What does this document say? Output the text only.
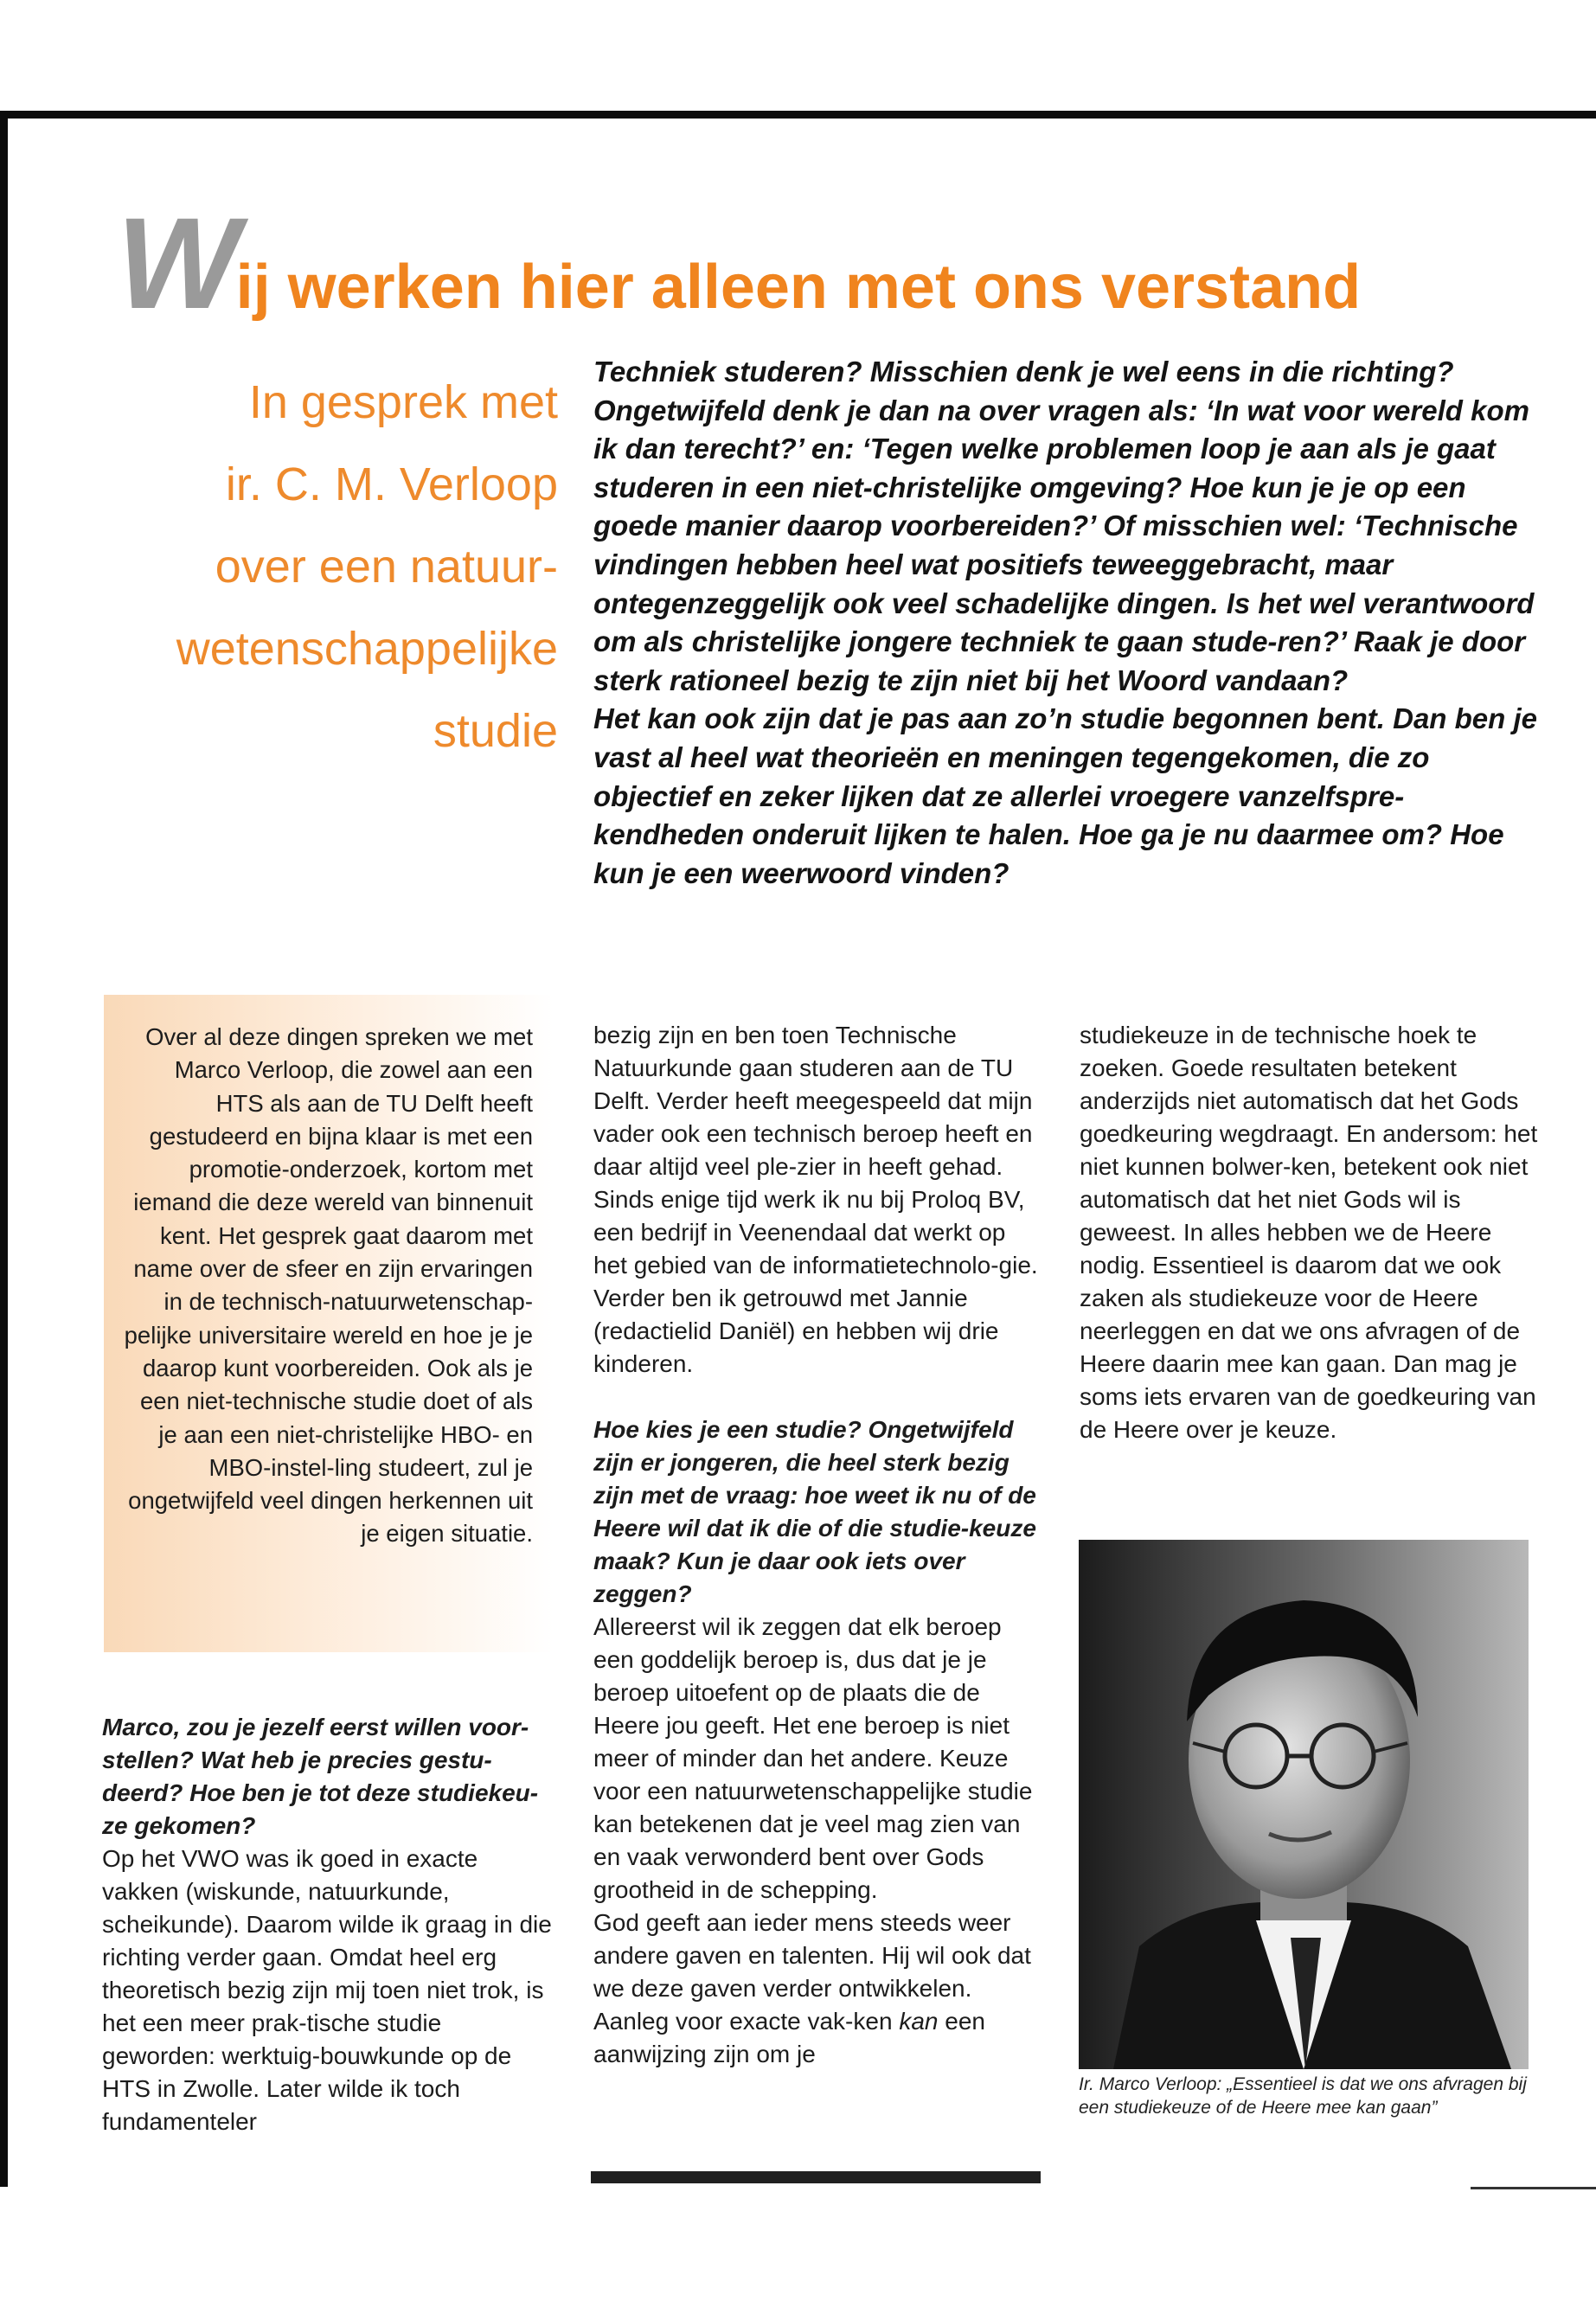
Wij werken hier alleen met ons verstand
In gesprek met
ir. C. M. Verloop
over een natuur-
wetenschappelijke
studie

Techniek studeren? Misschien denk je wel eens in die richting? Ongetwijfeld denk je dan na over vragen als: ‘In wat voor wereld kom ik dan terecht?’ en: ‘Tegen welke problemen loop je aan als je gaat studeren in een niet-christelijke omgeving? Hoe kun je je op een goede manier daarop voorbereiden?’ Of misschien wel: ‘Technische vindingen hebben heel wat positiefs teweeggebracht, maar ontegenzeggelijk ook veel schadelijke dingen. Is het wel verantwoord om als christelijke jongere techniek te gaan stude-ren?’ Raak je door sterk rationeel bezig te zijn niet bij het Woord vandaan?

Het kan ook zijn dat je pas aan zo’n studie begonnen bent. Dan ben je vast al heel wat theorieën en meningen tegengekomen, die zo objectief en zeker lijken dat ze allerlei vroegere vanzelfspre-kendheden onderuit lijken te halen. Hoe ga je nu daarmee om? Hoe kun je een weerwoord vinden?

Over al deze dingen spreken we met Marco Verloop, die zowel aan een HTS als aan de TU Delft heeft gestudeerd en bijna klaar is met een promotie-onderzoek, kortom met iemand die deze wereld van binnenuit kent. Het gesprek gaat daarom met name over de sfeer en zijn ervaringen in de technisch-natuurwetenschap-pelijke universitaire wereld en hoe je je daarop kunt voorbereiden. Ook als je een niet-technische studie doet of als je aan een niet-christelijke HBO- en MBO-instel-ling studeert, zul je ongetwijfeld veel dingen herkennen uit je eigen situatie.

Marco, zou je jezelf eerst willen voor-stellen? Wat heb je precies gestu-deerd? Hoe ben je tot deze studiekeu-ze gekomen?

Op het VWO was ik goed in exacte vakken (wiskunde, natuurkunde, scheikunde). Daarom wilde ik graag in die richting verder gaan. Omdat heel erg theoretisch bezig zijn mij toen niet trok, is het een meer prak-tische studie geworden: werktuig-bouwkunde op de HTS in Zwolle. Later wilde ik toch fundamenteler

bezig zijn en ben toen Technische Natuurkunde gaan studeren aan de TU Delft. Verder heeft meegespeeld dat mijn vader ook een technisch beroep heeft en daar altijd veel ple-zier in heeft gehad. Sinds enige tijd werk ik nu bij Proloq BV, een bedrijf in Veenendaal dat werkt op het gebied van de informatietechnolo-gie. Verder ben ik getrouwd met Jannie (redactielid Daniël) en hebben wij drie kinderen.

Hoe kies je een studie? Ongetwijfeld zijn er jongeren, die heel sterk bezig zijn met de vraag: hoe weet ik nu of de Heere wil dat ik die of die studie-keuze maak? Kun je daar ook iets over zeggen?

Allereerst wil ik zeggen dat elk beroep een goddelijk beroep is, dus dat je je beroep uitoefent op de plaats die de Heere jou geeft. Het ene beroep is niet meer of minder dan het andere. Keuze voor een natuurwetenschappelijke studie kan betekenen dat je veel mag zien van en vaak verwonderd bent over Gods grootheid in de schepping.

God geeft aan ieder mens steeds weer andere gaven en talenten. Hij wil ook dat we deze gaven verder ontwikkelen. Aanleg voor exacte vak-ken kan een aanwijzing zijn om je

studiekeuze in de technische hoek te zoeken. Goede resultaten betekent anderzijds niet automatisch dat het Gods goedkeuring wegdraagt. En andersom: het niet kunnen bolwer-ken, betekent ook niet automatisch dat het niet Gods wil is geweest. In alles hebben we de Heere nodig. Essentieel is daarom dat we ook zaken als studiekeuze voor de Heere neerleggen en dat we ons afvragen of de Heere daarin mee kan gaan. Dan mag je soms iets ervaren van de goedkeuring van de Heere over je keuze.

Ir. Marco Verloop: „Essentieel is dat we ons afvragen bij een studiekeuze of de Heere mee kan gaan”
